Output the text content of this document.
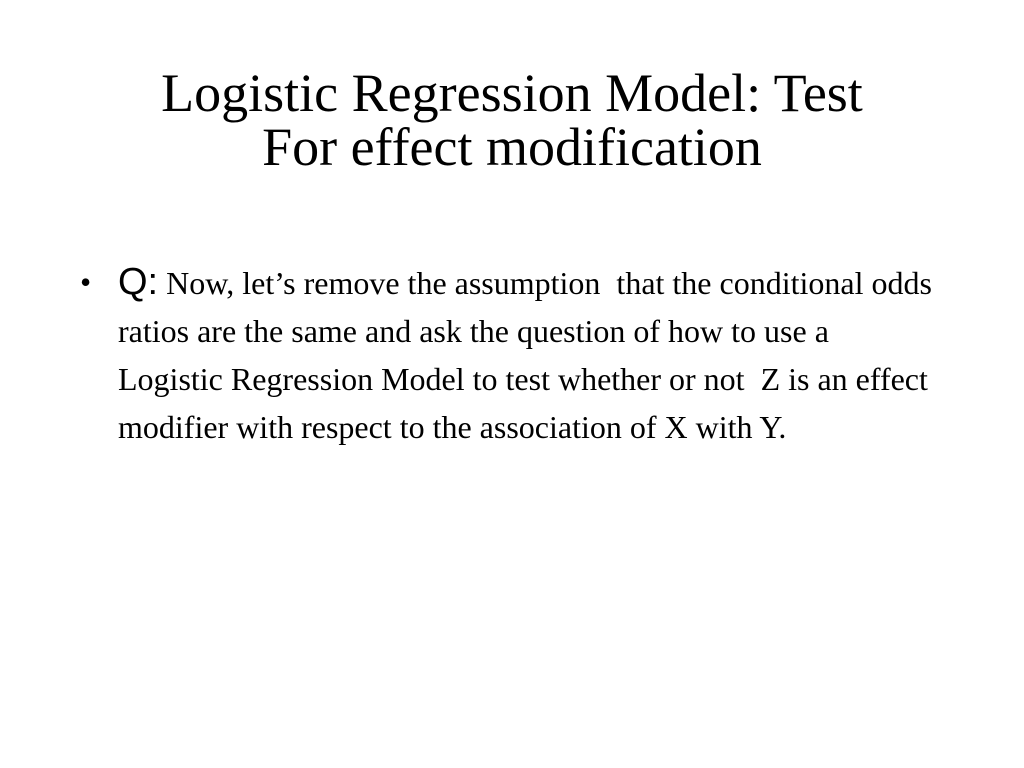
Logistic Regression Model: Test
For effect modification
• Q: Now, let’s remove the assumption  that the conditional odds ratios are the same and ask the question of how to use a Logistic Regression Model to test whether or not  Z is an effect modifier with respect to the association of X with Y.
